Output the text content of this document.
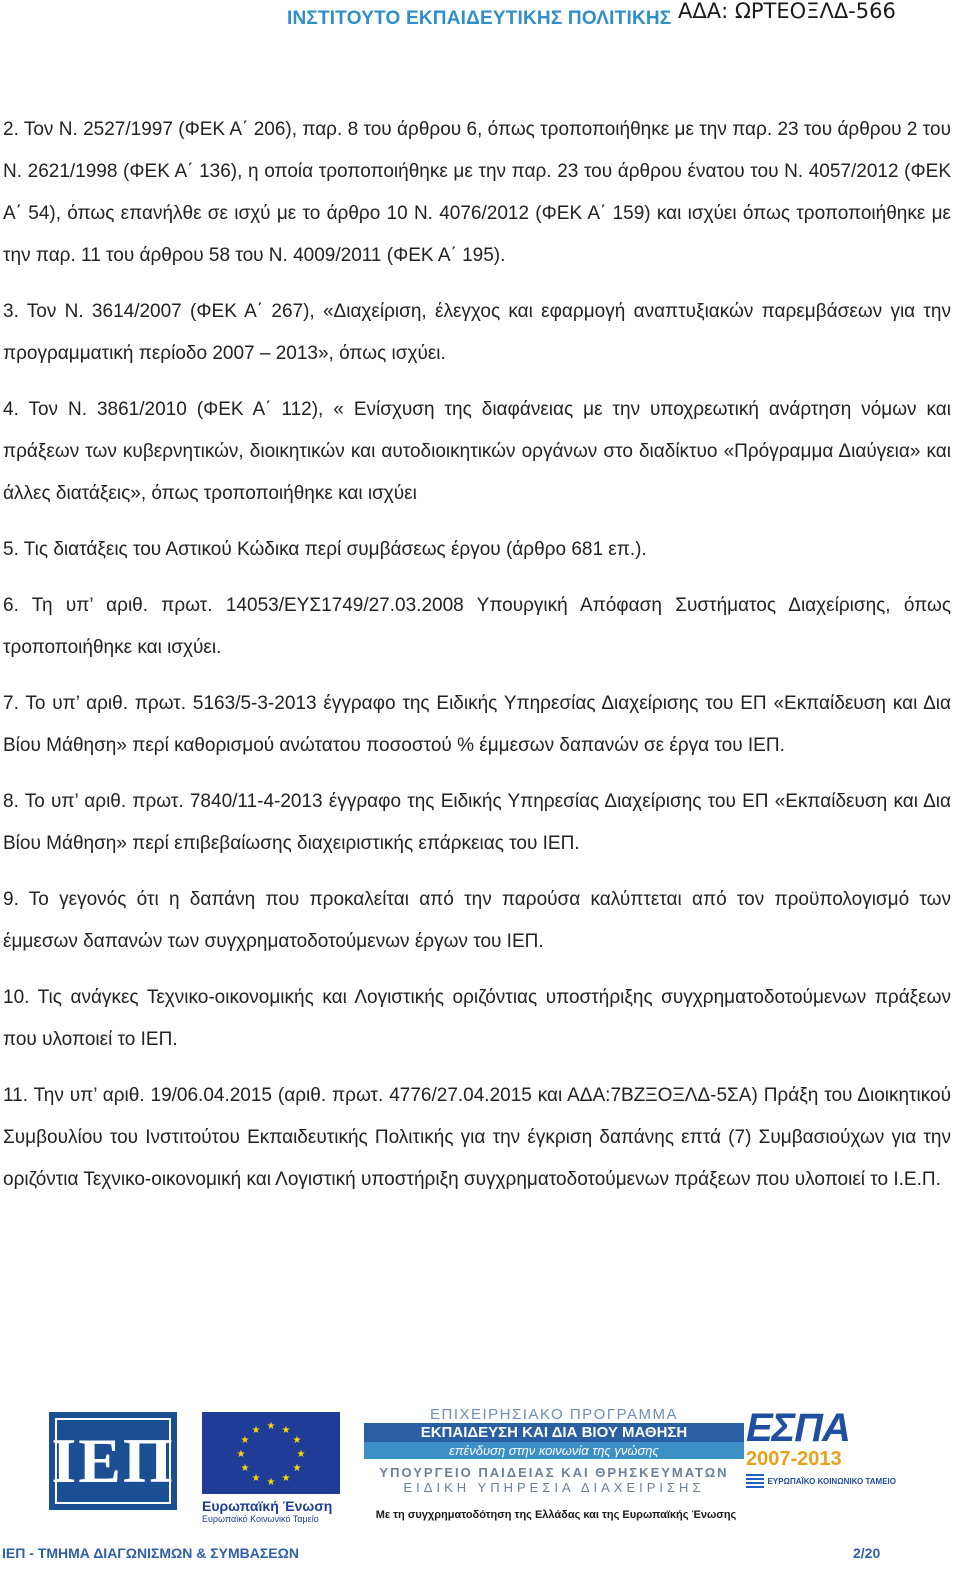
ΙΝΣΤΙΤΟΥΤΟ ΕΚΠΑΙΔΕΥΤΙΚΗΣ ΠΟΛΙΤΙΚΗΣ ΑΔΑ: ΩΡΤΕΟΞΛΔ-566

2. Τον Ν. 2527/1997 (ΦΕΚ Α΄ 206), παρ. 8 του άρθρου 6, όπως τροποποιήθηκε με την παρ. 23 του άρθρου 2 του Ν. 2621/1998 (ΦΕΚ Α΄ 136), η οποία τροποποιήθηκε με την παρ. 23 του άρθρου ένατου του Ν. 4057/2012 (ΦΕΚ Α΄ 54), όπως επανήλθε σε ισχύ με το άρθρο 10 Ν. 4076/2012 (ΦΕΚ Α΄ 159) και ισχύει όπως τροποποιήθηκε με την παρ. 11 του άρθρου 58 του Ν. 4009/2011 (ΦΕΚ Α΄ 195).

3. Τον Ν. 3614/2007 (ΦΕΚ Α΄ 267), «Διαχείριση, έλεγχος και εφαρμογή αναπτυξιακών παρεμβάσεων για την προγραμματική περίοδο 2007 – 2013», όπως ισχύει.

4. Τον Ν. 3861/2010 (ΦΕΚ Α΄ 112), « Ενίσχυση της διαφάνειας με την υποχρεωτική ανάρτηση νόμων και πράξεων των κυβερνητικών, διοικητικών και αυτοδιοικητικών οργάνων στο διαδίκτυο «Πρόγραμμα Διαύγεια» και άλλες διατάξεις», όπως τροποποιήθηκε και ισχύει

5. Τις διατάξεις του Αστικού Κώδικα περί συμβάσεως έργου (άρθρο 681 επ.).

6. Τη υπ’ αριθ. πρωτ. 14053/ΕΥΣ1749/27.03.2008 Υπουργική Απόφαση Συστήματος Διαχείρισης, όπως τροποποιήθηκε και ισχύει.

7. Το υπ’ αριθ. πρωτ. 5163/5-3-2013 έγγραφο της Ειδικής Υπηρεσίας Διαχείρισης του ΕΠ «Εκπαίδευση και Δια Βίου Μάθηση» περί καθορισμού ανώτατου ποσοστού % έμμεσων δαπανών σε έργα του ΙΕΠ.

8. Το υπ’ αριθ. πρωτ. 7840/11-4-2013 έγγραφο της Ειδικής Υπηρεσίας Διαχείρισης του ΕΠ «Εκπαίδευση και Δια Βίου Μάθηση» περί επιβεβαίωσης διαχειριστικής επάρκειας του ΙΕΠ.

9. Το γεγονός ότι η δαπάνη που προκαλείται από την παρούσα καλύπτεται από τον προϋπολογισμό των έμμεσων δαπανών των συγχρηματοδοτούμενων έργων του ΙΕΠ.

10. Τις ανάγκες Τεχνικο-οικονομικής και Λογιστικής οριζόντιας υποστήριξης συγχρηματοδοτούμενων πράξεων που υλοποιεί το ΙΕΠ.

11. Την υπ’ αριθ. 19/06.04.2015 (αριθ. πρωτ. 4776/27.04.2015 και ΑΔΑ:7ΒΖΞΟΞΛΔ-5ΣΑ) Πράξη του Διοικητικού Συμβουλίου του Ινστιτούτου Εκπαιδευτικής Πολιτικής για την έγκριση δαπάνης επτά (7) Συμβασιούχων για την οριζόντια Τεχνικο-οικονομική και Λογιστική υποστήριξη συγχρηματοδοτούμενων πράξεων που υλοποιεί το Ι.Ε.Π.

ΙΕΠ	★ ★
★
★
★
★
★
★
★
★
★
★
Ευρωπαϊκή Ένωση
Ευρωπαϊκό Κοινωνικό Ταμείο
ΕΠΙΧΕΙΡΗΣΙΑΚΟ ΠΡΟΓΡΑΜΜΑ
ΕΚΠΑΙΔΕΥΣΗ ΚΑΙ ΔΙΑ ΒΙΟΥ ΜΑΘΗΣΗ
επένδυση στην κοινωνία της γνώσης
ΥΠΟΥΡΓΕΙΟ ΠΑΙΔΕΙΑΣ ΚΑΙ ΘΡΗΣΚΕΥΜΑΤΩΝ
ΕΙΔΙΚΗ ΥΠΗΡΕΣΙΑ ΔΙΑΧΕΙΡΙΣΗΣ
Με τη συγχρηματοδότηση της Ελλάδας και της Ευρωπαϊκής Ένωσης
ΕΣΠΑ
2007-2013
ΕΥΡΩΠΑΪΚΟ ΚΟΙΝΩΝΙΚΟ ΤΑΜΕΙΟ
ΙΕΠ - ΤΜΗΜΑ ΔΙΑΓΩΝΙΣΜΩΝ & ΣΥΜΒΑΣΕΩΝ	2/20
